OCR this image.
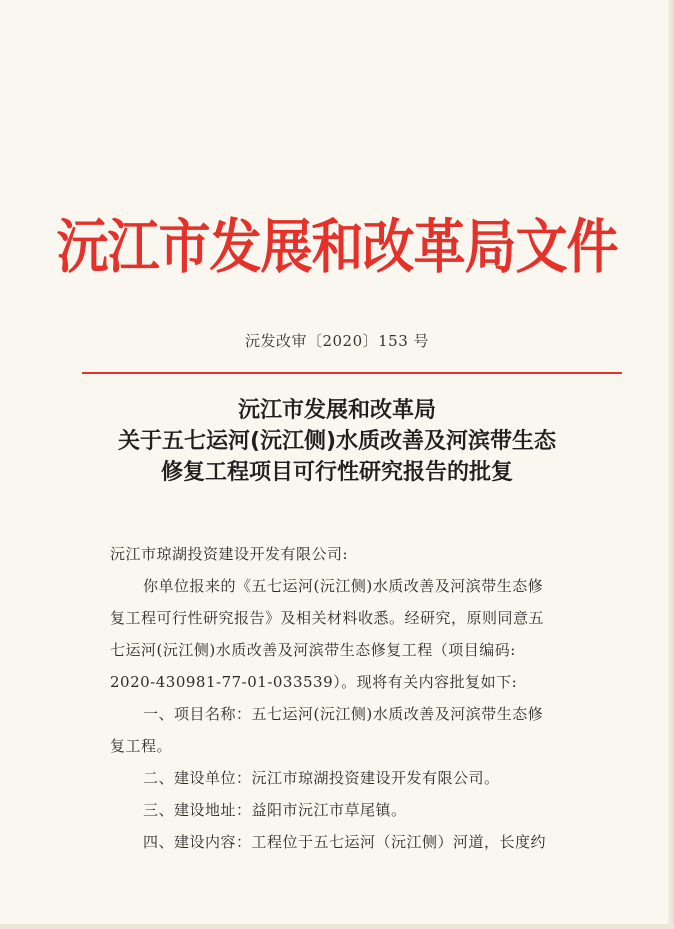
沅江市发展和改革局文件
沅发改审〔2020〕153 号
沅江市发展和改革局
关于五七运河(沅江侧)水质改善及河滨带生态
修复工程项目可行性研究报告的批复

沅江市琼湖投资建设开发有限公司:

你单位报来的《五七运河(沅江侧)水质改善及河滨带生态修

复工程可行性研究报告》及相关材料收悉。经研究，原则同意五

七运河(沅江侧)水质改善及河滨带生态修复工程（项目编码:

2020-430981-77-01-033539）。现将有关内容批复如下:

一、项目名称：五七运河(沅江侧)水质改善及河滨带生态修

复工程。

二、建设单位：沅江市琼湖投资建设开发有限公司。

三、建设地址：益阳市沅江市草尾镇。

四、建设内容：工程位于五七运河（沅江侧）河道，长度约
